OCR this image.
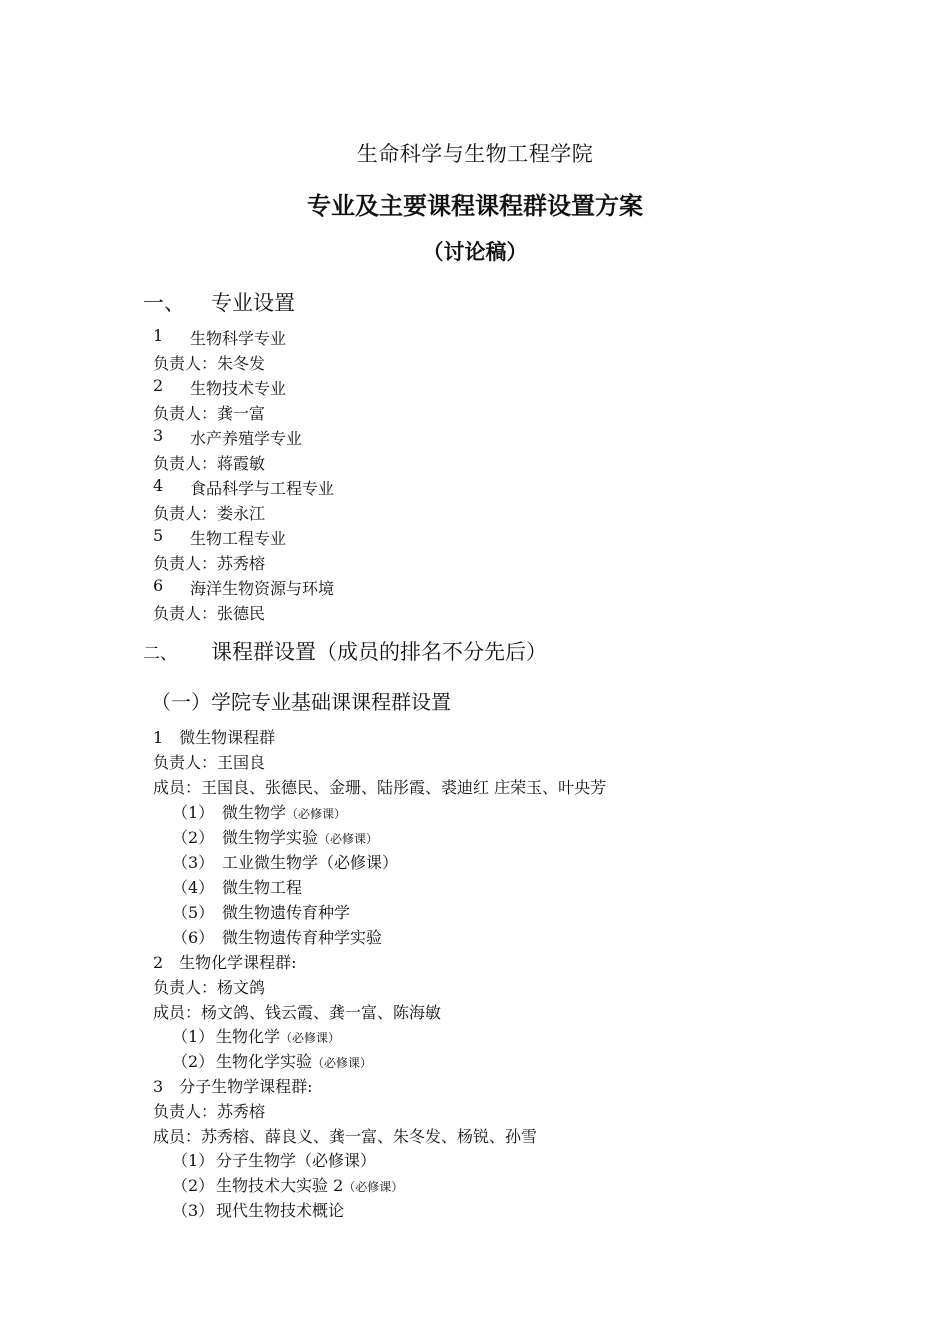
生命科学与生物工程学院
专业及主要课程课程群设置方案
（讨论稿）
一、 专业设置
1 生物科学专业
负责人：朱冬发
2 生物技术专业
负责人：龚一富
3 水产养殖学专业
负责人：蒋霞敏
4 食品科学与工程专业
负责人：娄永江
5 生物工程专业
负责人：苏秀榕
6 海洋生物资源与环境
负责人：张德民
二、 课程群设置（成员的排名不分先后）
（一）学院专业基础课课程群设置
1　微生物课程群
负责人：王国良
成员：王国良、张德民、金珊、陆彤霞、裘迪红 庄荣玉、叶央芳
（1） 微生物学（必修课）
（2） 微生物学实验（必修课）
（3） 工业微生物学（必修课）
（4） 微生物工程
（5） 微生物遗传育种学
（6） 微生物遗传育种学实验
2　生物化学课程群:
负责人：杨文鸽
成员：杨文鸽、钱云霞、龚一富、陈海敏
（1） 生物化学（必修课）
（2） 生物化学实验（必修课）
3　分子生物学课程群:
负责人：苏秀榕
成员：苏秀榕、薛良义、龚一富、朱冬发、杨锐、孙雪
（1） 分子生物学（必修课）
（2） 生物技术大实验 2（必修课）
（3） 现代生物技术概论
